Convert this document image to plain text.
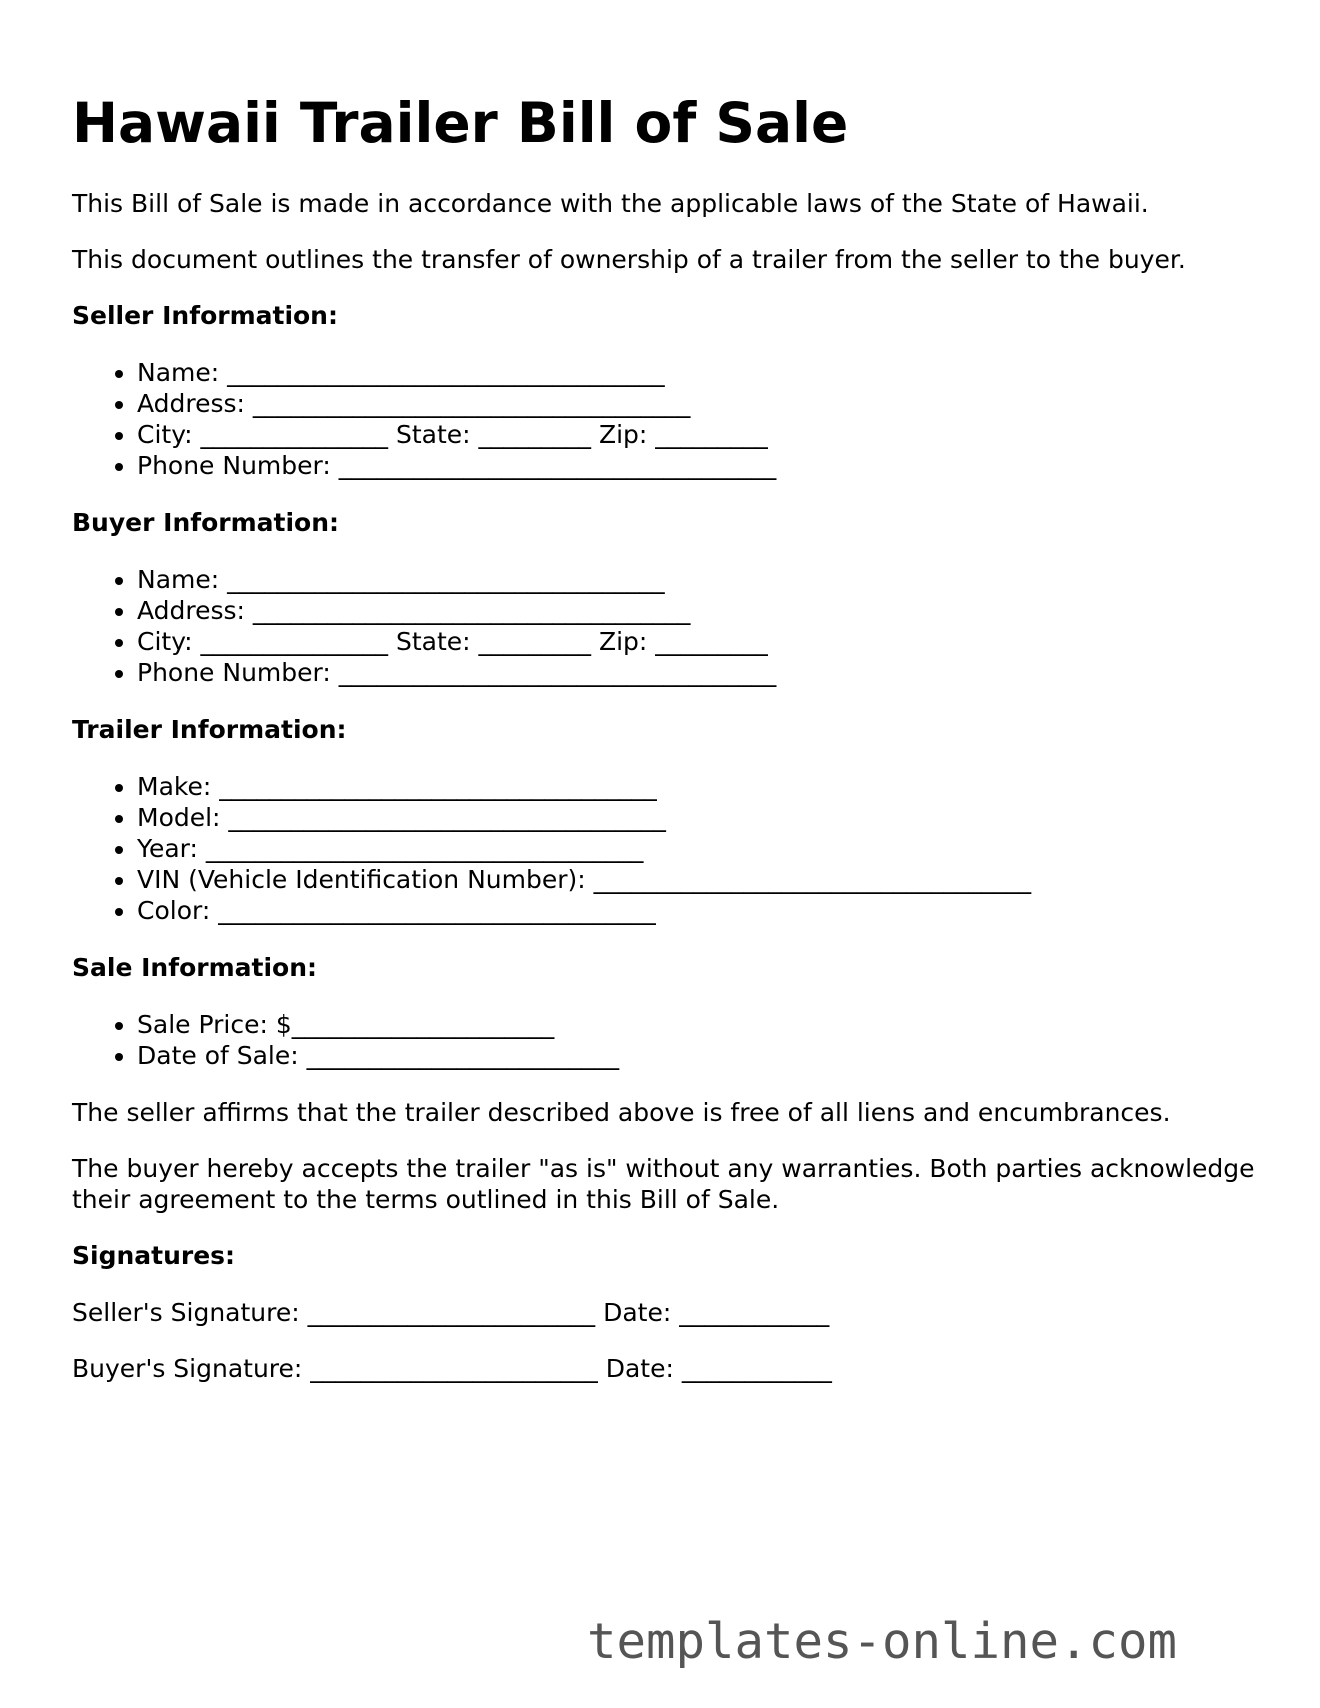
Hawaii Trailer Bill of Sale

This Bill of Sale is made in accordance with the applicable laws of the State of Hawaii.

This document outlines the transfer of ownership of a trailer from the seller to the buyer.

Seller Information:

• Name: ___________________________________
• Address: ___________________________________
• City: _______________ State: _________ Zip: _________
• Phone Number: ___________________________________

Buyer Information:

• Name: ___________________________________
• Address: ___________________________________
• City: _______________ State: _________ Zip: _________
• Phone Number: ___________________________________

Trailer Information:

• Make: ___________________________________
• Model: ___________________________________
• Year: ___________________________________
• VIN (Vehicle Identification Number): ___________________________________
• Color: ___________________________________

Sale Information:

• Sale Price: $_____________________
• Date of Sale: _________________________

The seller affirms that the trailer described above is free of all liens and encumbrances.

The buyer hereby accepts the trailer "as is" without any warranties. Both parties acknowledge their agreement to the terms outlined in this Bill of Sale.

Signatures:

Seller's Signature: _______________________ Date: ____________

Buyer's Signature: _______________________ Date: ____________

templates-online.com
